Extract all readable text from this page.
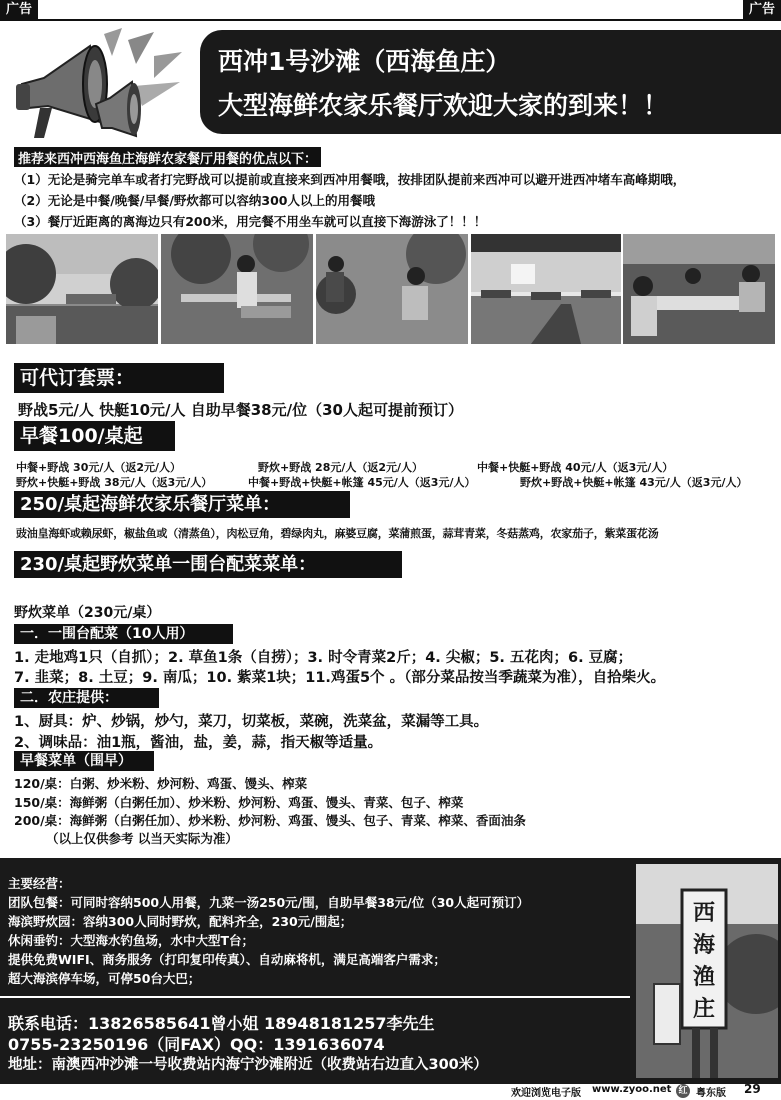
广告	广告
西冲1号沙滩（西海鱼庄）
大型海鲜农家乐餐厅欢迎大家的到来！！
推荐来西冲西海鱼庄海鲜农家餐厅用餐的优点以下：
（1）无论是骑完单车或者打完野战可以提前或直接来到西冲用餐哦，按排团队提前来西冲可以避开进西冲堵车高峰期哦，
（2）无论是中餐/晚餐/早餐/野炊都可以容纳300人以上的用餐哦
（3）餐厅近距离的离海边只有200米，用完餐不用坐车就可以直接下海游泳了！！！
可代订套票：
野战5元/人 快艇10元/人 自助早餐38元/位（30人起可提前预订）
早餐100/桌起
中餐+野战 30元/人（返2元/人）	野炊+野战 28元/人（返2元/人）	中餐+快艇+野战 40元/人（返3元/人）
野炊+快艇+野战 38元/人（返3元/人）	中餐+野战+快艇+帐篷 45元/人（返3元/人）	野炊+野战+快艇+帐篷 43元/人（返3元/人）
250/桌起海鲜农家乐餐厅菜单：
豉油皇海虾或赖尿虾，椒盐鱼或（清蒸鱼），肉松豆角，碧绿肉丸，麻婆豆腐，菜蒲煎蛋，蒜茸青菜，冬菇蒸鸡，农家茄子，紫菜蛋花汤
230/桌起野炊菜单一围台配菜菜单：
野炊菜单（230元/桌）
一．一围台配菜（10人用）
1. 走地鸡1只（自抓）；2. 草鱼1条（自捞）；3. 时令青菜2斤；4. 尖椒；5. 五花肉；6. 豆腐；
7. 韭菜；8. 土豆；9. 南瓜；10. 紫菜1块；11.鸡蛋5个 。（部分菜品按当季蔬菜为准），自拾柴火。
二．农庄提供：
1、厨具：炉、炒锅，炒勺，菜刀，切菜板，菜碗，洗菜盆，菜漏等工具。
2、调味品：油1瓶，酱油，盐，姜，蒜，指天椒等适量。
早餐菜单（围早）
120/桌：白粥、炒米粉、炒河粉、鸡蛋、馒头、榨菜
150/桌：海鲜粥（白粥任加）、炒米粉、炒河粉、鸡蛋、馒头、青菜、包子、榨菜
200/桌：海鲜粥（白粥任加）、炒米粉、炒河粉、鸡蛋、馒头、包子、青菜、榨菜、香面油条
（以上仅供参考 以当天实际为准）
主要经营：
团队包餐：可同时容纳500人用餐，九菜一汤250元/围，自助早餐38元/位（30人起可预订）
海滨野炊园：容纳300人同时野炊，配料齐全，230元/围起；
休闲垂钓：大型海水钓鱼场，水中大型T台；
提供免费WIFI、商务服务（打印复印传真）、自动麻将机，满足高端客户需求；
超大海滨停车场，可停50台大巴；
联系电话：13826585641曾小姐 18948181257李先生
0755-23250196（同FAX）QQ：1391636074
地址：南澳西冲沙滩一号收费站内海宁沙滩附近（收费站右边直入300米）
西海渔庄
欢迎浏览电子版 www.zyoo.net 红 粤东版 29
